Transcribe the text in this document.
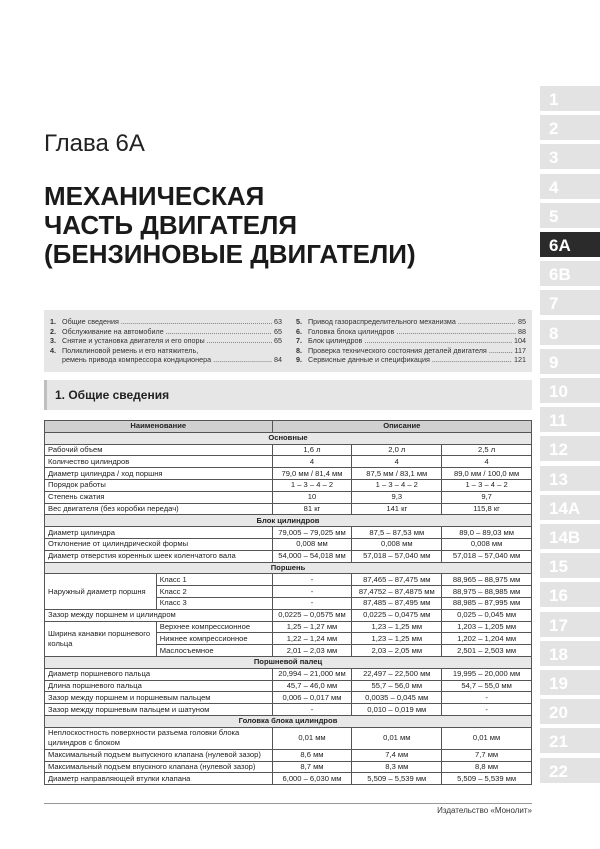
1
2
3
4
5
6A
6B
7
8
9
10
11
12
13
14A
14B
15
16
17
18
19
20
21
22
Глава 6А
МЕХАНИЧЕСКАЯ
ЧАСТЬ ДВИГАТЕЛЯ
(БЕНЗИНОВЫЕ ДВИГАТЕЛИ)
1. Общие сведения .....	63
2. Обслуживание на автомобиле .....	65
3. Снятие и установка двигателя и его опоры .....	65
4. Поликлиновой ремень и его натяжитель,
ремень привода компрессора кондиционера .....	84
5. Привод газораспределительного механизма .....	85
6. Головка блока цилиндров .....	88
7. Блок цилиндров .....	104
8. Проверка технического состояния деталей двигателя .....	117
9. Сервисные данные и спецификация .....	121
1. Общие сведения
Наименование		Описание		
Основные				
Рабочий объем		1,6 л	2,0 л	2,5 л
Количество цилиндров		4	4	4
Диаметр цилиндра / ход поршня		79,0 мм / 81,4 мм	87,5 мм / 83,1 мм	89,0 мм / 100,0 мм
Порядок работы		1 – 3 – 4 – 2	1 – 3 – 4 – 2	1 – 3 – 4 – 2
Степень сжатия		10	9,3	9,7
Вес двигателя (без коробки передач)		81 кг	141 кг	115,8 кг
Блок цилиндров				
Диаметр цилиндра		79,005 – 79,025 мм	87,5 – 87,53 мм	89,0 – 89,03 мм
Отклонение от цилиндрической формы		0,008 мм	0,008 мм	0,008 мм
Диаметр отверстия коренных шеек коленчатого вала		54,000 – 54,018 мм	57,018 – 57,040 мм	57,018 – 57,040 мм
Поршень				
Наружный диаметр поршня	Класс 1	-	87,465 – 87,475 мм	88,965 – 88,975 мм
	Класс 2	-	87,4752 – 87,4875 мм	88,975 – 88,985 мм
	Класс 3	-	87,485 – 87,495 мм	88,985 – 87,995 мм
Зазор между поршнем и цилиндром		0,0225 – 0,0575 мм	0,0225 – 0,0475 мм	0,025 – 0,045 мм
Ширина канавки поршневого кольца	Верхнее компрессионное	1,25 – 1,27 мм	1,23 – 1,25 мм	1,203 – 1,205 мм
	Нижнее компрессионное	1,22 – 1,24 мм	1,23 – 1,25 мм	1,202 – 1,204 мм
	Маслосъемное	2,01 – 2,03 мм	2,03 – 2,05 мм	2,501 – 2,503 мм
Поршневой палец				
Диаметр поршневого пальца		20,994 – 21,000 мм	22,497 – 22,500 мм	19,995 – 20,000 мм
Длина поршневого пальца		45,7 – 46,0 мм	55,7 – 56,0 мм	54,7 – 55,0 мм
Зазор между поршнем и поршневым пальцем		0,006 – 0,017 мм	0,0035 – 0,045 мм	-
Зазор между поршневым пальцем и шатуном		-	0,010 – 0,019 мм	-
Головка блока цилиндров				
Неплоскостность поверхности разъема головки блока цилиндров с блоком		0,01 мм	0,01 мм	0,01 мм
Максимальный подъем выпускного клапана (нулевой зазор)		8,6 мм	7,4 мм	7,7 мм
Максимальный подъем впускного клапана (нулевой зазор)		8,7 мм	8,3 мм	8,8 мм
Диаметр направляющей втулки клапана		6,000 – 6,030 мм	5,509 – 5,539 мм	5,509 – 5,539 мм
Издательство «Монолит»
